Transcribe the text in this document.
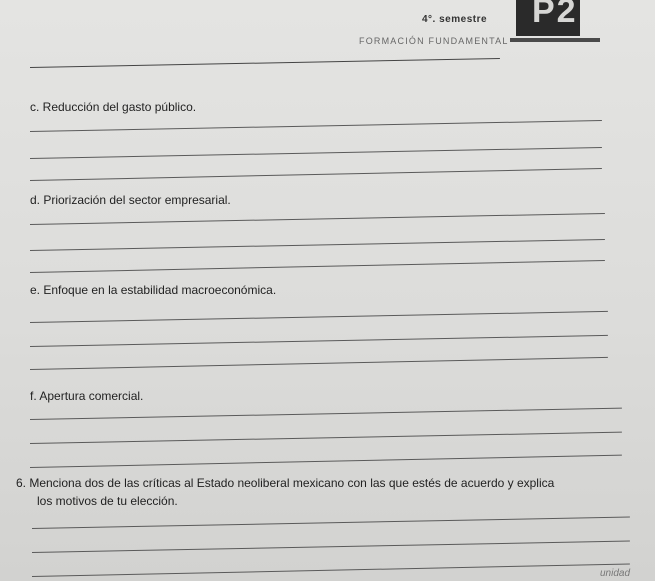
P2
4°. semestre
FORMACIÓN FUNDAMENTAL
c. Reducción del gasto público.
d. Priorización del sector empresarial.
e. Enfoque en la estabilidad macroeconómica.
f. Apertura comercial.
6. Menciona dos de las críticas al Estado neoliberal mexicano con las que estés de acuerdo y explica
los motivos de tu elección.
unidad
